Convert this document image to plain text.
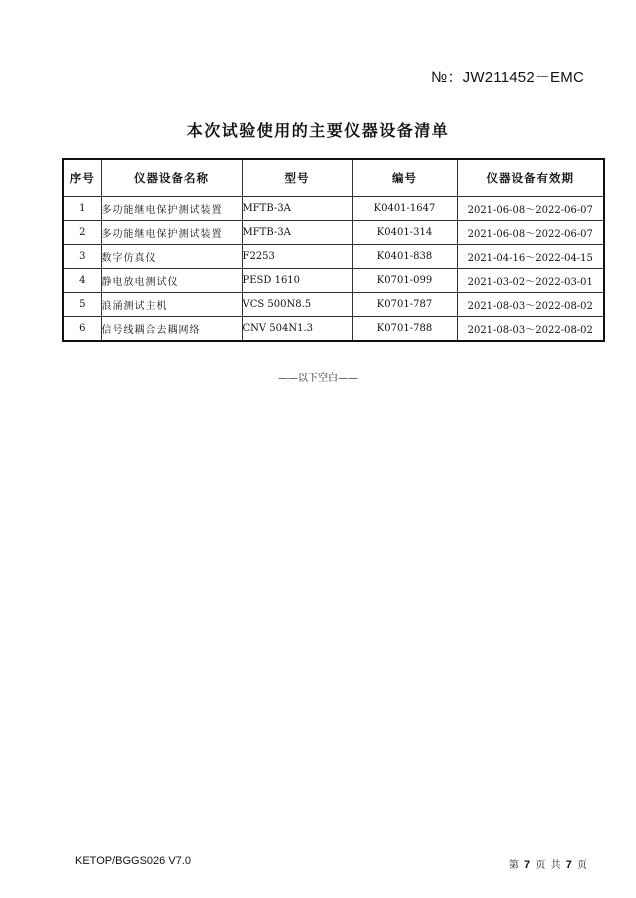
№：JW211452－EMC
本次试验使用的主要仪器设备清单
序号	仪器设备名称	型号	编号	仪器设备有效期
1	多功能继电保护测试装置	MFTB-3A	K0401-1647	2021-06-08～2022-06-07
2	多功能继电保护测试装置	MFTB-3A	K0401-314	2021-06-08～2022-06-07
3	数字仿真仪	F2253	K0401-838	2021-04-16～2022-04-15
4	静电放电测试仪	PESD 1610	K0701-099	2021-03-02～2022-03-01
5	浪涌测试主机	VCS 500N8.5	K0701-787	2021-08-03～2022-08-02
6	信号线耦合去耦网络	CNV 504N1.3	K0701-788	2021-08-03～2022-08-02
——以下空白——
KETOP/BGGS026 V7.0	第 7 页 共 7 页
